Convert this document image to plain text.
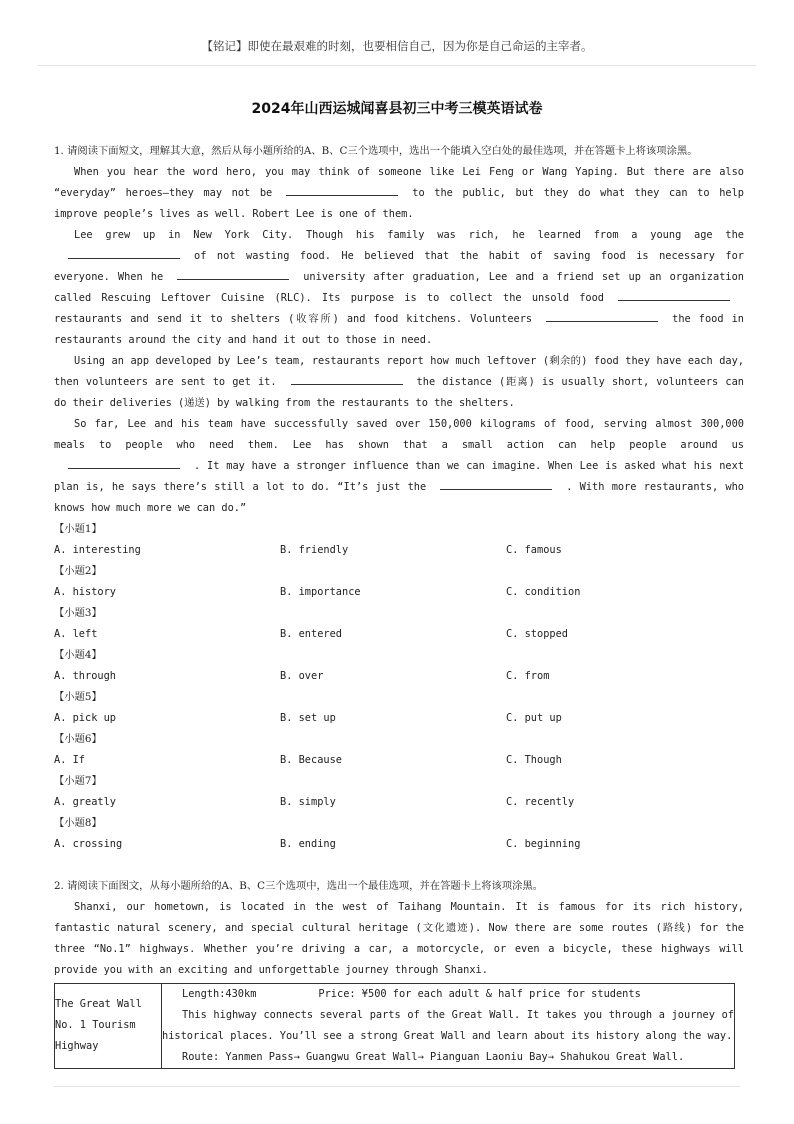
【铭记】即使在最艰难的时刻，也要相信自己，因为你是自己命运的主宰者。
2024年山西运城闻喜县初三中考三模英语试卷

1. 请阅读下面短文，理解其大意，然后从每小题所给的A、B、C三个选项中，选出一个能填入空白处的最佳选项，并在答题卡上将该项涂黑。

When you hear the word hero, you may think of someone like Lei Feng or Wang Yaping. But there are also “everyday” heroes—they may not be	to the public, but they do what they can to help improve people’s lives as well. Robert Lee is one of them.

Lee grew up in New York City. Though his family was rich, he learned from a young age theof not wasting food. He believed that the habit of saving food is necessary for everyone. When he	university after graduation, Lee and a friend set up an organization called Rescuing Leftover Cuisine (RLC). Its purpose is to collect the unsold foodrestaurants and send it to shelters (收容所) and food kitchens. Volunteers	the food in restaurants around the city and hand it out to those in need.

Using an app developed by Lee’s team, restaurants report how much leftover (剩余的) food they have each day, then volunteers are sent to get it.	the distance (距离) is usually short, volunteers can do their deliveries (递送) by walking from the restaurants to the shelters.

So far, Lee and his team have successfully saved over 150,000 kilograms of food, serving almost 300,000 meals to people who need them. Lee has shown that a small action can help people around us. It may have a stronger influence than we can imagine. When Lee is asked what his next plan is, he says there’s still a lot to do. “It’s just the	. With more restaurants, who knows how much more we can do.”

【小题1】

A. interesting	B. friendly	C. famous

【小题2】

A. history	B. importance	C. condition

【小题3】

A. left	B. entered	C. stopped

【小题4】

A. through	B. over	C. from

【小题5】

A. pick up	B. set up	C. put up

【小题6】

A. If	B. Because	C. Though

【小题7】

A. greatly	B. simply	C. recently

【小题8】

A. crossing	B. ending	C. beginning

2. 请阅读下面图文，从每小题所给的A、B、C三个选项中，选出一个最佳选项，并在答题卡上将该项涂黑。

Shanxi, our hometown, is located in the west of Taihang Mountain. It is famous for its rich history, fantastic natural scenery, and special cultural heritage (文化遗迹). Now there are some routes (路线) for the three “No.1” highways. Whether you’re driving a car, a motorcycle, or even a bicycle, these highways will provide you with an exciting and unforgettable journey through Shanxi.

The Great Wall No. 1 Tourism Highway	
Length:430km	Price: ¥500 for each adult & half price for students
This highway connects several parts of the Great Wall. It takes you through a journey of historical places. You’ll see a strong Great Wall and learn about its history along the way.
Route: Yanmen Pass→ Guangwu Great Wall→ Pianguan Laoniu Bay→ Shahukou Great Wall.
